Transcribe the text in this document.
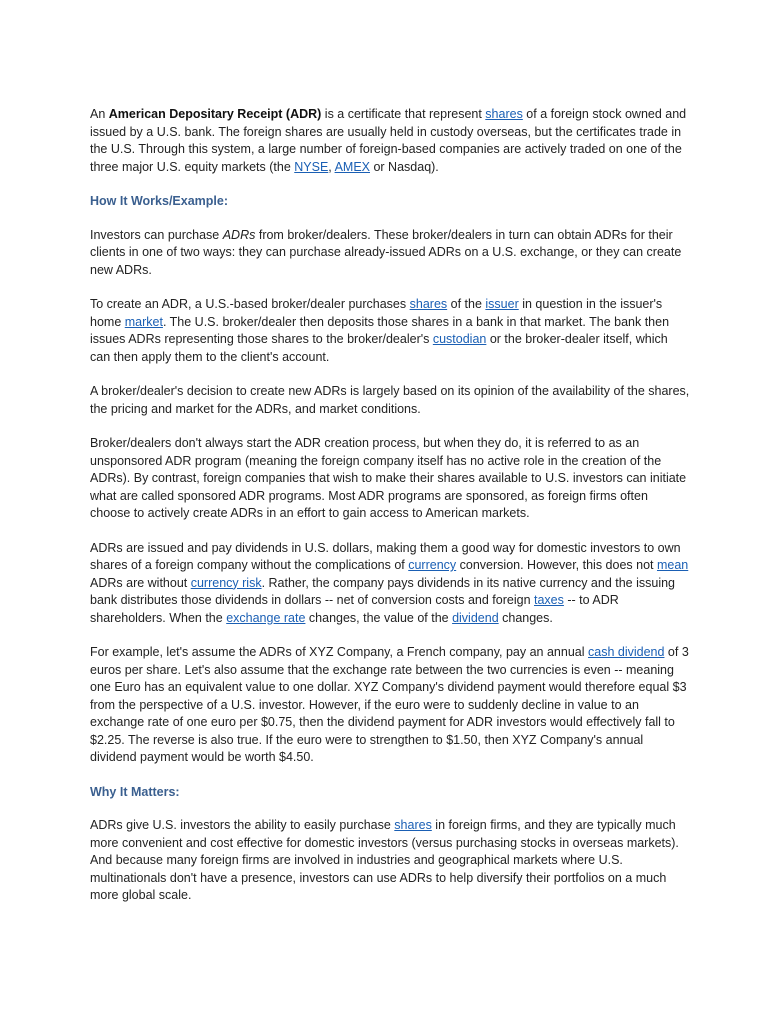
An American Depositary Receipt (ADR) is a certificate that represent shares of a foreign stock owned and issued by a U.S. bank. The foreign shares are usually held in custody overseas, but the certificates trade in the U.S. Through this system, a large number of foreign-based companies are actively traded on one of the three major U.S. equity markets (the NYSE, AMEX or Nasdaq).

How It Works/Example:

Investors can purchase ADRs from broker/dealers. These broker/dealers in turn can obtain ADRs for their clients in one of two ways: they can purchase already-issued ADRs on a U.S. exchange, or they can create new ADRs.

To create an ADR, a U.S.-based broker/dealer purchases shares of the issuer in question in the issuer's home market. The U.S. broker/dealer then deposits those shares in a bank in that market. The bank then issues ADRs representing those shares to the broker/dealer's custodian or the broker-dealer itself, which can then apply them to the client's account.

A broker/dealer's decision to create new ADRs is largely based on its opinion of the availability of the shares, the pricing and market for the ADRs, and market conditions.

Broker/dealers don't always start the ADR creation process, but when they do, it is referred to as an unsponsored ADR program (meaning the foreign company itself has no active role in the creation of the ADRs). By contrast, foreign companies that wish to make their shares available to U.S. investors can initiate what are called sponsored ADR programs. Most ADR programs are sponsored, as foreign firms often choose to actively create ADRs in an effort to gain access to American markets.

ADRs are issued and pay dividends in U.S. dollars, making them a good way for domestic investors to own shares of a foreign company without the complications of currency conversion. However, this does not mean ADRs are without currency risk. Rather, the company pays dividends in its native currency and the issuing bank distributes those dividends in dollars -- net of conversion costs and foreign taxes -- to ADR shareholders. When the exchange rate changes, the value of the dividend changes.

For example, let's assume the ADRs of XYZ Company, a French company, pay an annual cash dividend of 3 euros per share. Let's also assume that the exchange rate between the two currencies is even -- meaning one Euro has an equivalent value to one dollar. XYZ Company's dividend payment would therefore equal $3 from the perspective of a U.S. investor. However, if the euro were to suddenly decline in value to an exchange rate of one euro per $0.75, then the dividend payment for ADR investors would effectively fall to $2.25. The reverse is also true. If the euro were to strengthen to $1.50, then XYZ Company's annual dividend payment would be worth $4.50.

Why It Matters:

ADRs give U.S. investors the ability to easily purchase shares in foreign firms, and they are typically much more convenient and cost effective for domestic investors (versus purchasing stocks in overseas markets). And because many foreign firms are involved in industries and geographical markets where U.S. multinationals don't have a presence, investors can use ADRs to help diversify their portfolios on a much more global scale.
